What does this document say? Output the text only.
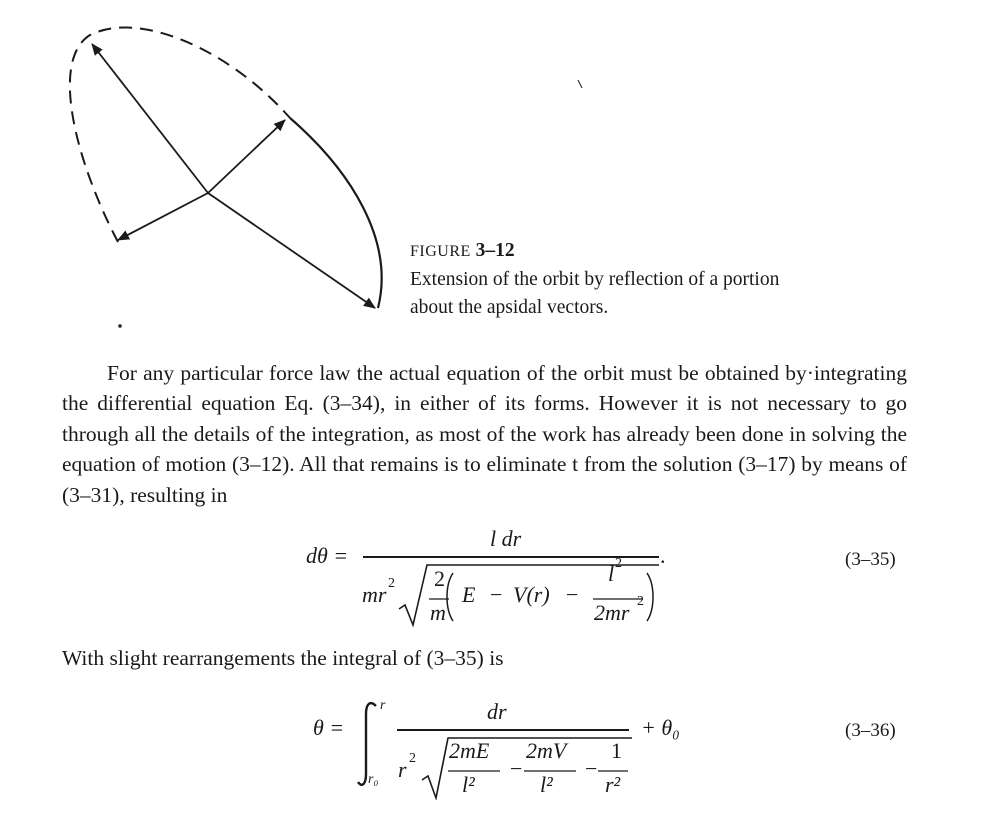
FIGURE 3–12
Extension of the orbit by reflection of a portion
about the apsidal vectors.
For any particular force law the actual equation of the orbit must be obtained by·integrating the differential equation Eq. (3–34), in either of its forms. However it is not necessary to go through all the details of the integration, as most of the work has already been done in solving the equation of motion (3–12). All that remains is to eliminate t from the solution (3–17) by means of (3–31), resulting in
dθ =
l dr
mr 2 2
m
E − V(r) −
l 2
2mr 2
.	(3–35)
With slight rearrangements the integral of (3–35) is
θ =
r
r₀
dr
r 2 2mE
l²
−
2mV
l²
−
1
r²
+ θ₀	(3–36)
